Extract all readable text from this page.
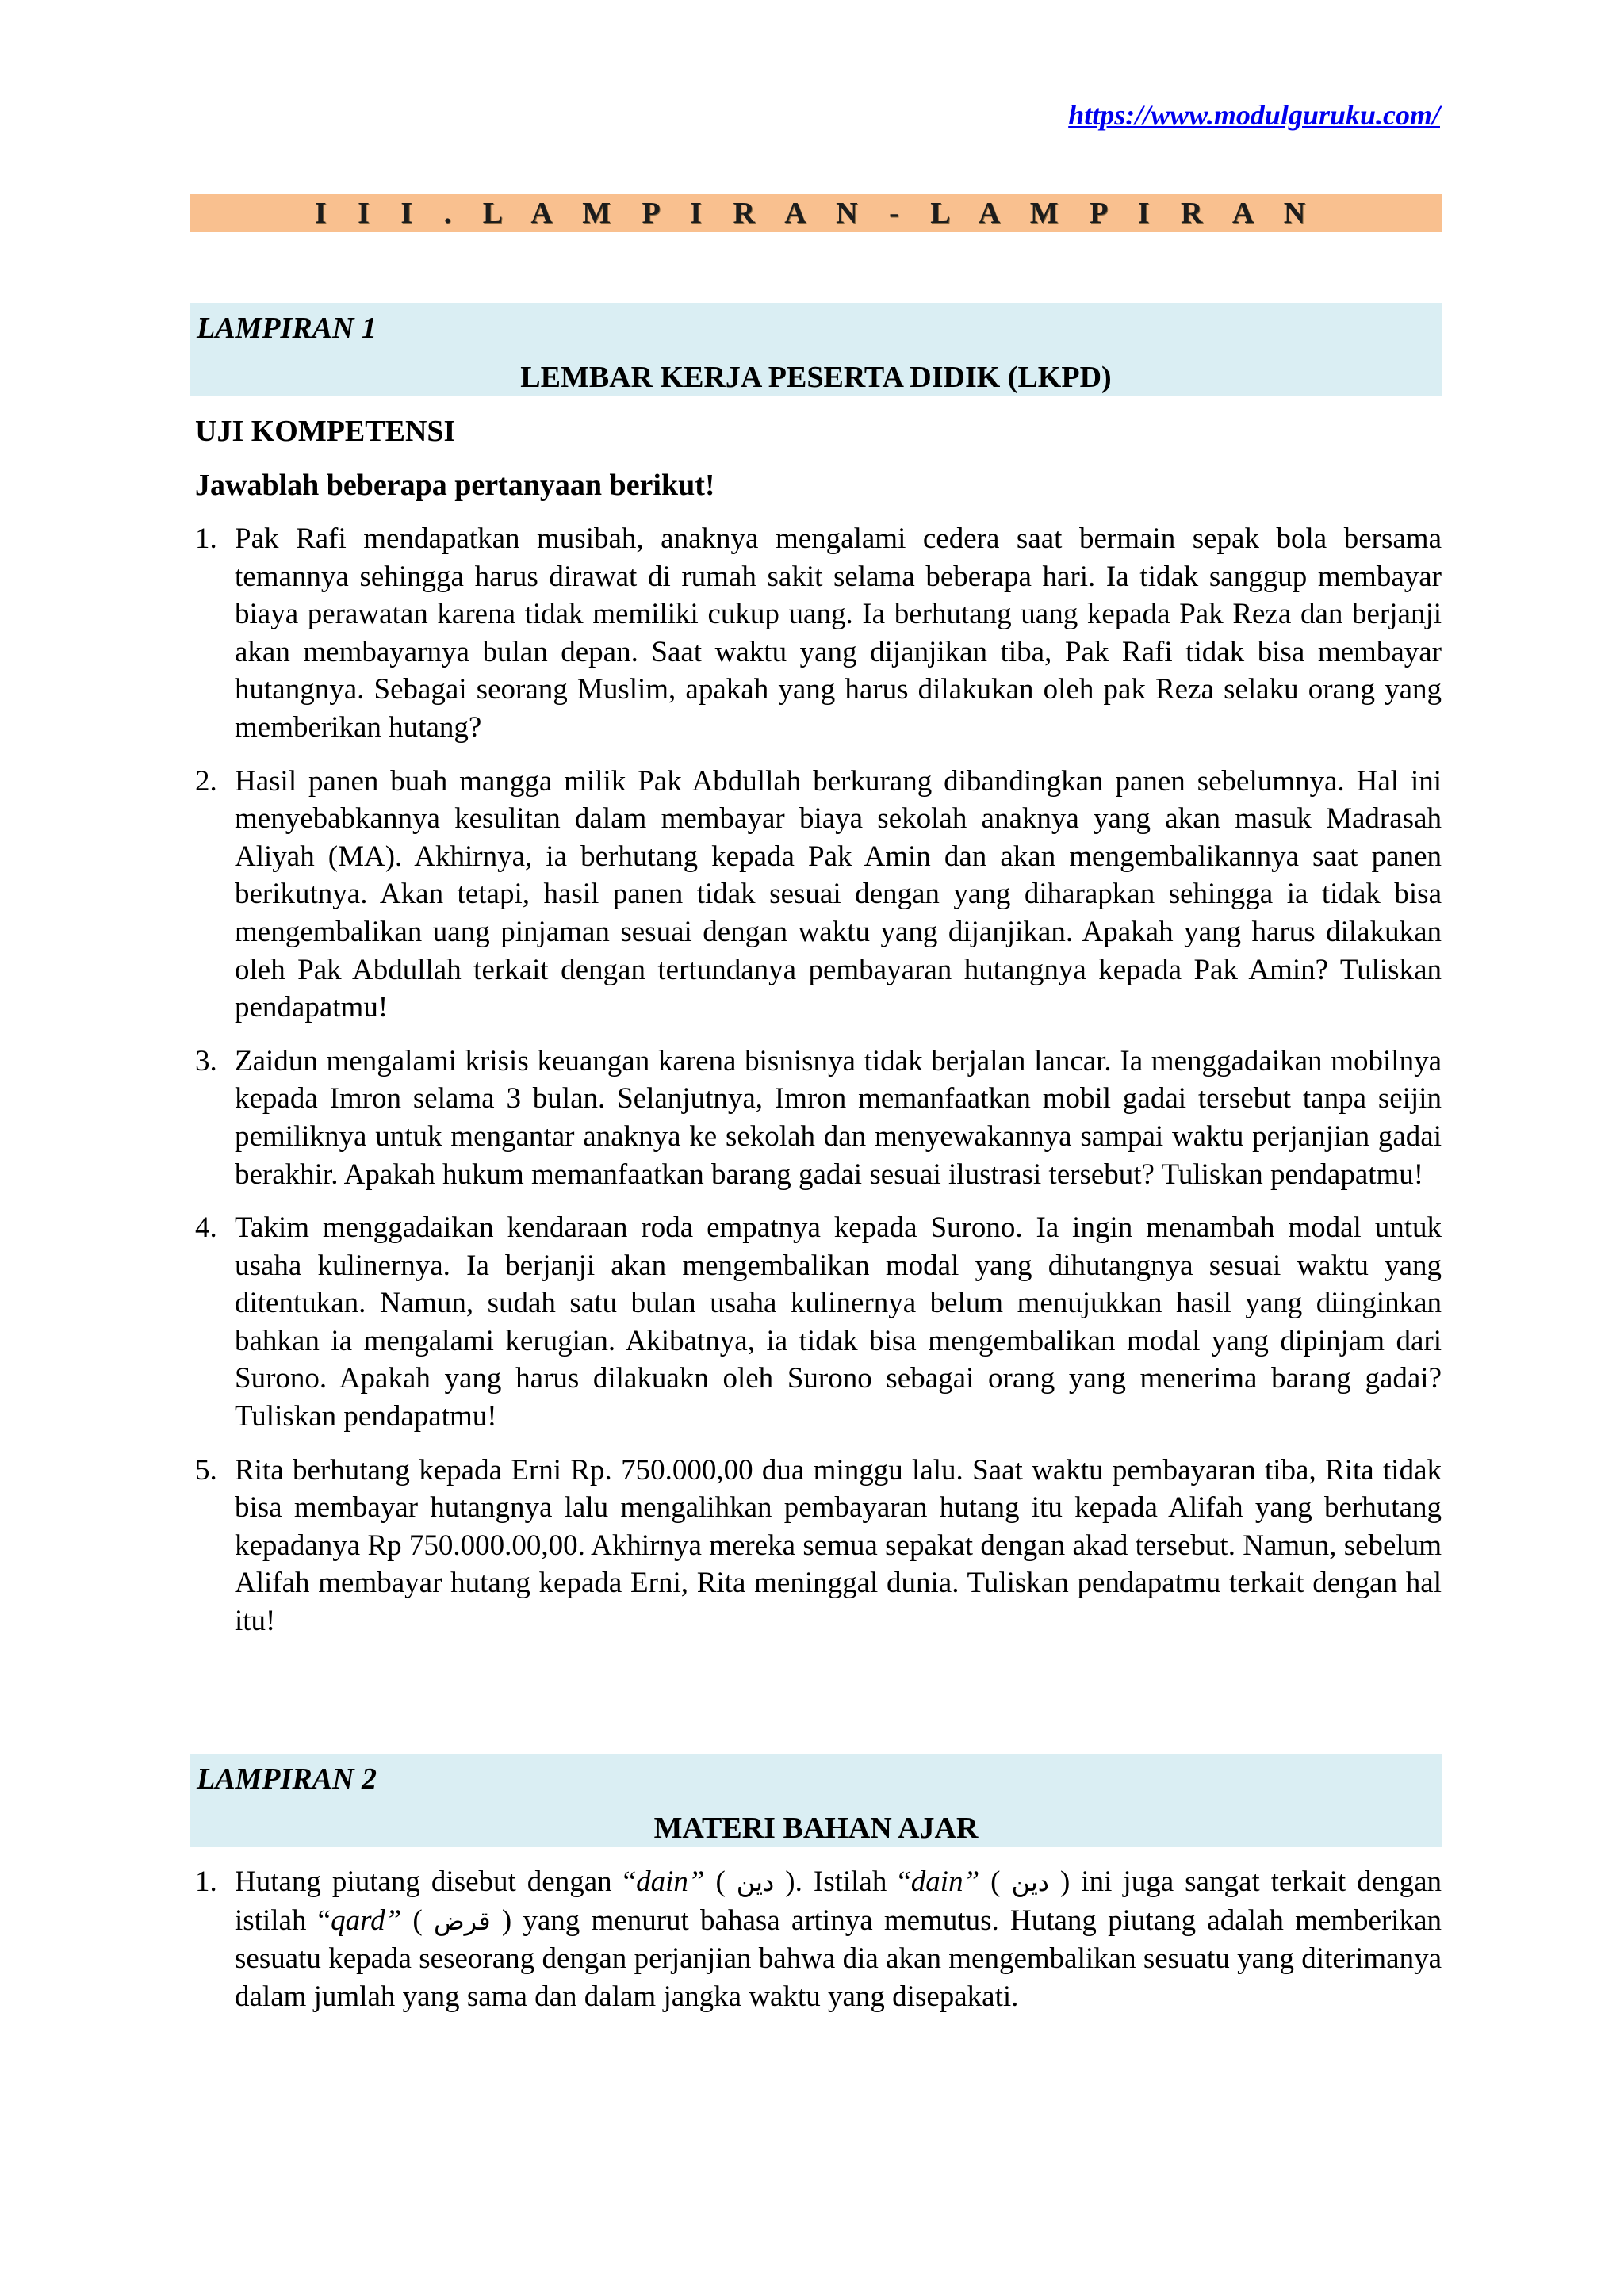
https://www.modulguruku.com/
I I I . L A M P I R A N - L A M P I R A N
LAMPIRAN 1
LEMBAR KERJA PESERTA DIDIK (LKPD)
UJI KOMPETENSI
Jawablah beberapa pertanyaan berikut!
1. Pak Rafi mendapatkan musibah, anaknya mengalami cedera saat bermain sepak bola bersama temannya sehingga harus dirawat di rumah sakit selama beberapa hari. Ia tidak sanggup membayar biaya perawatan karena tidak memiliki cukup uang. Ia berhutang uang kepada Pak Reza dan berjanji akan membayarnya bulan depan. Saat waktu yang dijanjikan tiba, Pak Rafi tidak bisa membayar hutangnya. Sebagai seorang Muslim, apakah yang harus dilakukan oleh pak Reza selaku orang yang memberikan hutang?
2. Hasil panen buah mangga milik Pak Abdullah berkurang dibandingkan panen sebelumnya. Hal ini menyebabkannya kesulitan dalam membayar biaya sekolah anaknya yang akan masuk Madrasah Aliyah (MA). Akhirnya, ia berhutang kepada Pak Amin dan akan mengembalikannya saat panen berikutnya. Akan tetapi, hasil panen tidak sesuai dengan yang diharapkan sehingga ia tidak bisa mengembalikan uang pinjaman sesuai dengan waktu yang dijanjikan. Apakah yang harus dilakukan oleh Pak Abdullah terkait dengan tertundanya pembayaran hutangnya kepada Pak Amin? Tuliskan pendapatmu!
3. Zaidun mengalami krisis keuangan karena bisnisnya tidak berjalan lancar. Ia menggadaikan mobilnya kepada Imron selama 3 bulan. Selanjutnya, Imron memanfaatkan mobil gadai tersebut tanpa seijin pemiliknya untuk mengantar anaknya ke sekolah dan menyewakannya sampai waktu perjanjian gadai berakhir. Apakah hukum memanfaatkan barang gadai sesuai ilustrasi tersebut? Tuliskan pendapatmu!
4. Takim menggadaikan kendaraan roda empatnya kepada Surono. Ia ingin menambah modal untuk usaha kulinernya. Ia berjanji akan mengembalikan modal yang dihutangnya sesuai waktu yang ditentukan. Namun, sudah satu bulan usaha kulinernya belum menujukkan hasil yang diinginkan bahkan ia mengalami kerugian. Akibatnya, ia tidak bisa mengembalikan modal yang dipinjam dari Surono. Apakah yang harus dilakuakn oleh Surono sebagai orang yang menerima barang gadai? Tuliskan pendapatmu!
5. Rita berhutang kepada Erni Rp. 750.000,00 dua minggu lalu. Saat waktu pembayaran tiba, Rita tidak bisa membayar hutangnya lalu mengalihkan pembayaran hutang itu kepada Alifah yang berhutang kepadanya Rp 750.000.00,00. Akhirnya mereka semua sepakat dengan akad tersebut. Namun, sebelum Alifah membayar hutang kepada Erni, Rita meninggal dunia. Tuliskan pendapatmu terkait dengan hal itu!
LAMPIRAN 2
MATERI BAHAN AJAR
1. Hutang piutang disebut dengan “dain” ( دين ). Istilah “dain” ( دين ) ini juga sangat terkait dengan istilah “qard” ( قرض ) yang menurut bahasa artinya memutus. Hutang piutang adalah memberikan sesuatu kepada seseorang dengan perjanjian bahwa dia akan mengembalikan sesuatu yang diterimanya dalam jumlah yang sama dan dalam jangka waktu yang disepakati.
